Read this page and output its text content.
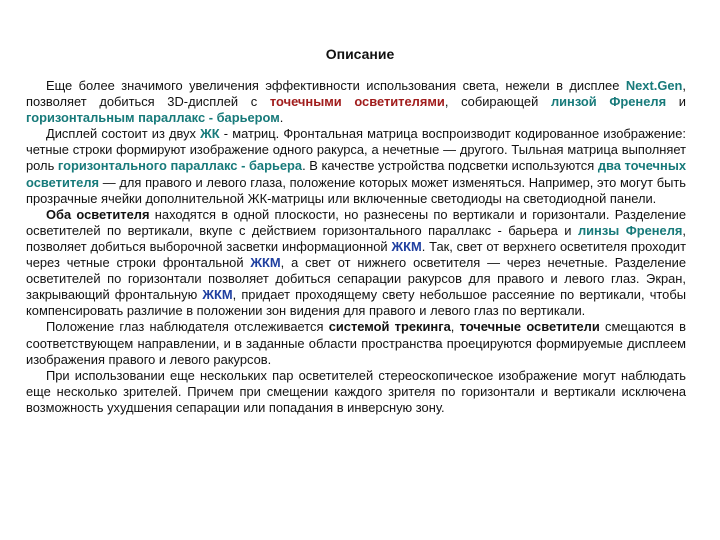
Описание

Еще более значимого увеличения эффективности использования света, нежели в дисплее Next.Gen, позволяет добиться 3D-дисплей с точечными осветителями, собирающей линзой Френеля и горизонтальным параллакс - барьером.

Дисплей состоит из двух ЖК - матриц. Фронтальная матрица воспроизводит кодированное изображение: четные строки формируют изображение одного ракурса, а нечетные — другого. Тыльная матрица выполняет роль горизонтального параллакс - барьера. В качестве устройства подсветки используются два точечных осветителя — для правого и левого глаза, положение которых может изменяться. Например, это могут быть прозрачные ячейки дополнительной ЖК-матрицы или включенные светодиоды на светодиодной панели.

Оба осветителя находятся в одной плоскости, но разнесены по вертикали и горизонтали. Разделение осветителей по вертикали, вкупе с действием горизонтального параллакс - барьера и линзы Френеля, позволяет добиться выборочной засветки информационной ЖКМ. Так, свет от верхнего осветителя проходит через четные строки фронтальной ЖКМ, а свет от нижнего осветителя — через нечетные. Разделение осветителей по горизонтали позволяет добиться сепарации ракурсов для правого и левого глаз. Экран, закрывающий фронтальную ЖКМ, придает проходящему свету небольшое рассеяние по вертикали, чтобы компенсировать различие в положении зон видения для правого и левого глаз по вертикали.

Положение глаз наблюдателя отслеживается системой трекинга, точечные осветители смещаются в соответствующем направлении, и в заданные области пространства проецируются формируемые дисплеем изображения правого и левого ракурсов.

При использовании еще нескольких пар осветителей стереоскопическое изображение могут наблюдать еще несколько зрителей. Причем при смещении каждого зрителя по горизонтали и вертикали исключена возможность ухудшения сепарации или попадания в инверсную зону.
